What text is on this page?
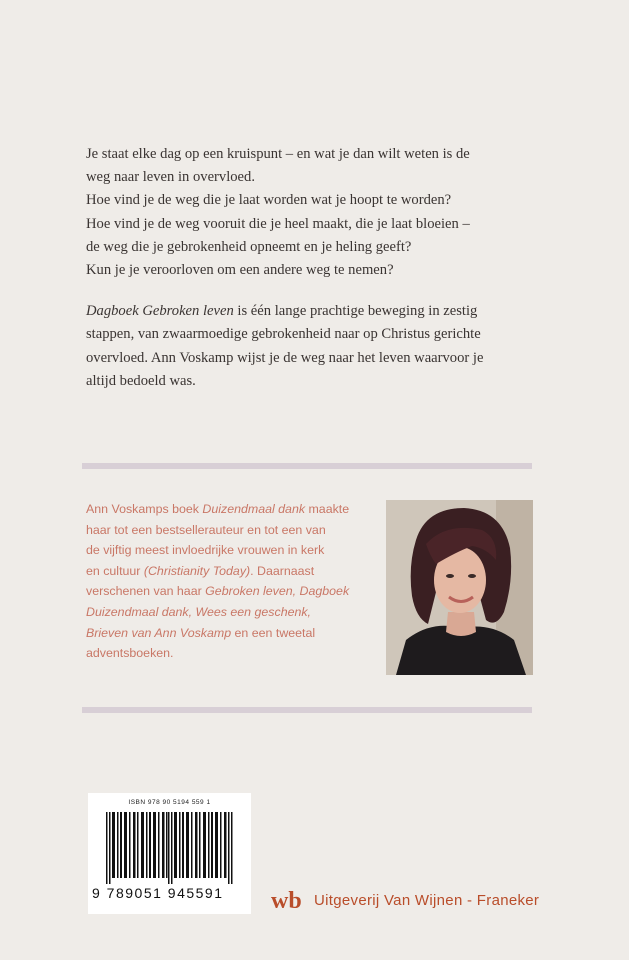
Je staat elke dag op een kruispunt – en wat je dan wilt weten is de
weg naar leven in overvloed.
Hoe vind je de weg die je laat worden wat je hoopt te worden?
Hoe vind je de weg vooruit die je heel maakt, die je laat bloeien –
de weg die je gebrokenheid opneemt en je heling geeft?
Kun je je veroorloven om een andere weg te nemen?

Dagboek Gebroken leven is één lange prachtige beweging in zestig
stappen, van zwaarmoedige gebrokenheid naar op Christus gerichte
overvloed. Ann Voskamp wijst je de weg naar het leven waarvoor je
altijd bedoeld was.

Ann Voskamps boek Duizendmaal dank maakte
haar tot een bestsellerauteur en tot een van
de vijftig meest invloedrijke vrouwen in kerk
en cultuur (Christianity Today). Daarnaast
verschenen van haar Gebroken leven, Dagboek
Duizendmaal dank, Wees een geschenk,
Brieven van Ann Voskamp en een tweetal
adventsboeken.
ISBN 978 90 5194 559 1
9 789051 945591	wb Uitgeverij Van Wijnen - Franeker
